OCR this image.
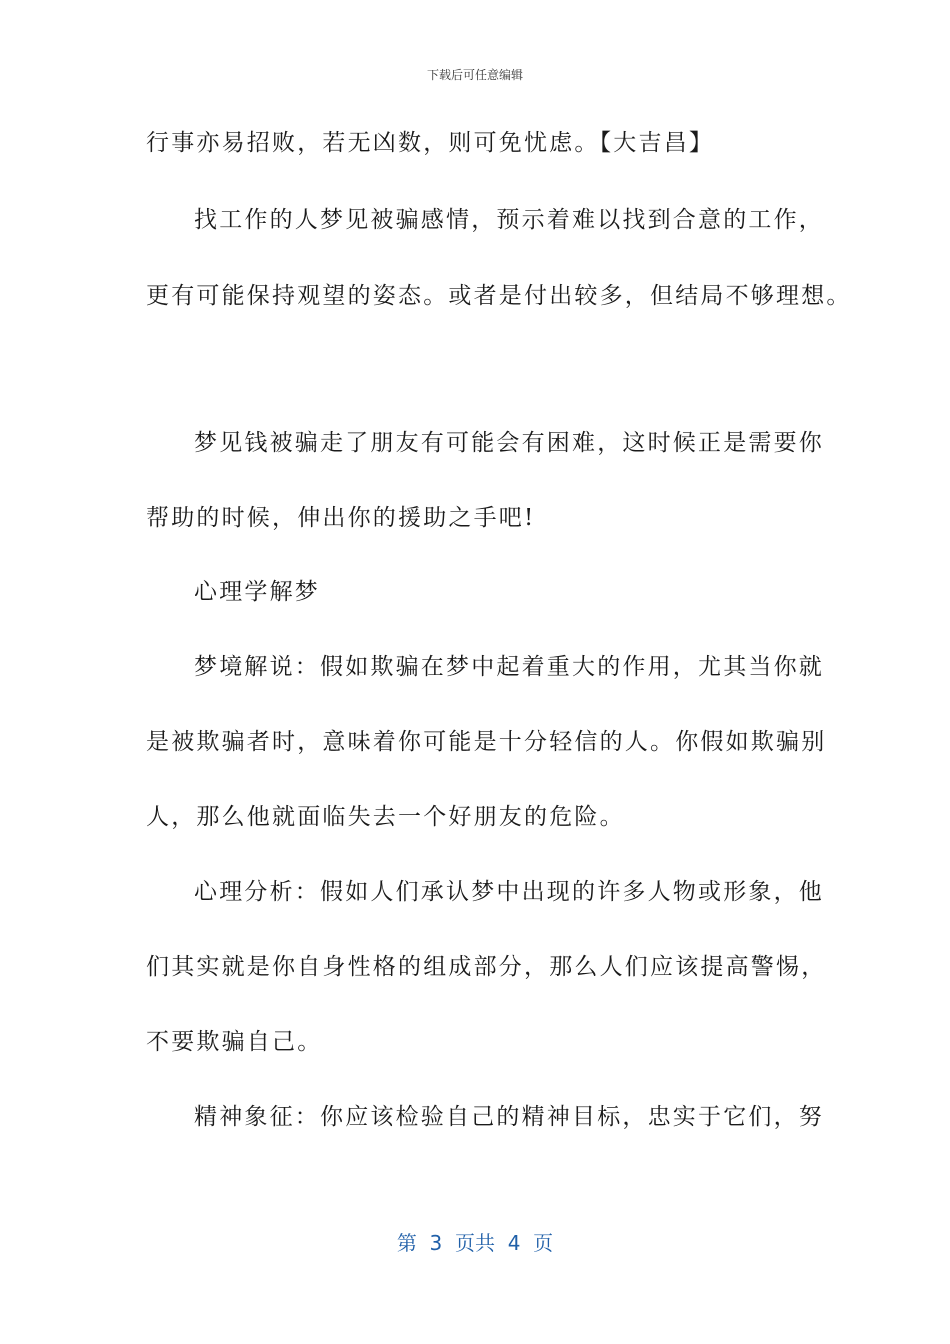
下载后可任意编辑
行事亦易招败，若无凶数，则可免忧虑。【大吉昌】
找工作的人梦见被骗感情，预示着难以找到合意的工作，
更有可能保持观望的姿态。或者是付出较多，但结局不够理想。
梦见钱被骗走了朋友有可能会有困难，这时候正是需要你
帮助的时候，伸出你的援助之手吧!
心理学解梦
梦境解说：假如欺骗在梦中起着重大的作用，尤其当你就
是被欺骗者时，意味着你可能是十分轻信的人。你假如欺骗别
人，那么他就面临失去一个好朋友的危险。
心理分析：假如人们承认梦中出现的许多人物或形象，他
们其实就是你自身性格的组成部分，那么人们应该提高警惕，
不要欺骗自己。
精神象征：你应该检验自己的精神目标，忠实于它们，努
第  3  页共  4  页
